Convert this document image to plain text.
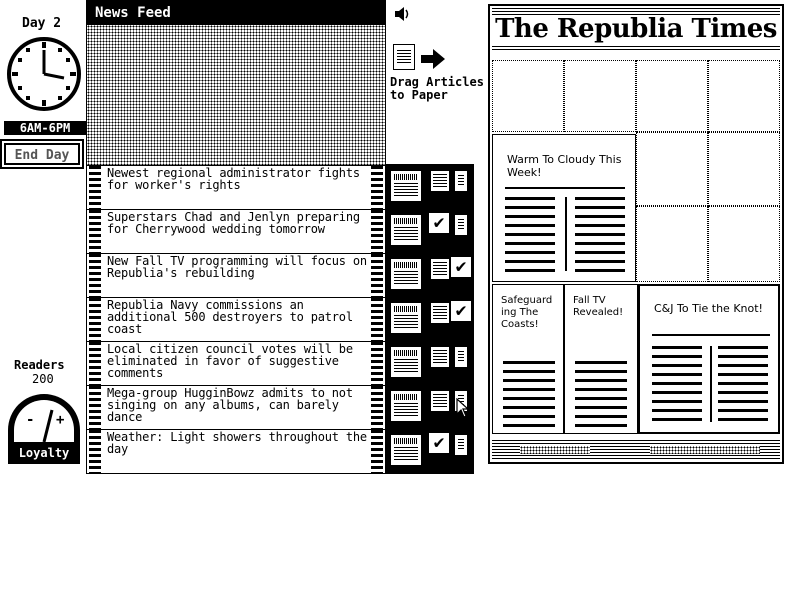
Day 2
6AM-6PM
End Day
Readers
200
- +
9
Loyalty
News Feed
Newest regional administrator fights for worker's rights
Superstars Chad and Jenlyn preparing for Cherrywood wedding tomorrow
New Fall TV programming will focus on Republia's rebuilding
Republia Navy commissions an additional 500 destroyers to patrol coast
Local citizen council votes will be eliminated in favor of suggestive comments
Mega-group HugginBowz admits to not singing on any albums, can barely dance
Weather: Light showers throughout the day
✔
✔
✔
✔
Drag Articles to Paper
The Republia Times
Warm To Cloudy This Week!
Safeguard ing The Coasts!
Fall TV Revealed!	C&J To Tie the Knot!
